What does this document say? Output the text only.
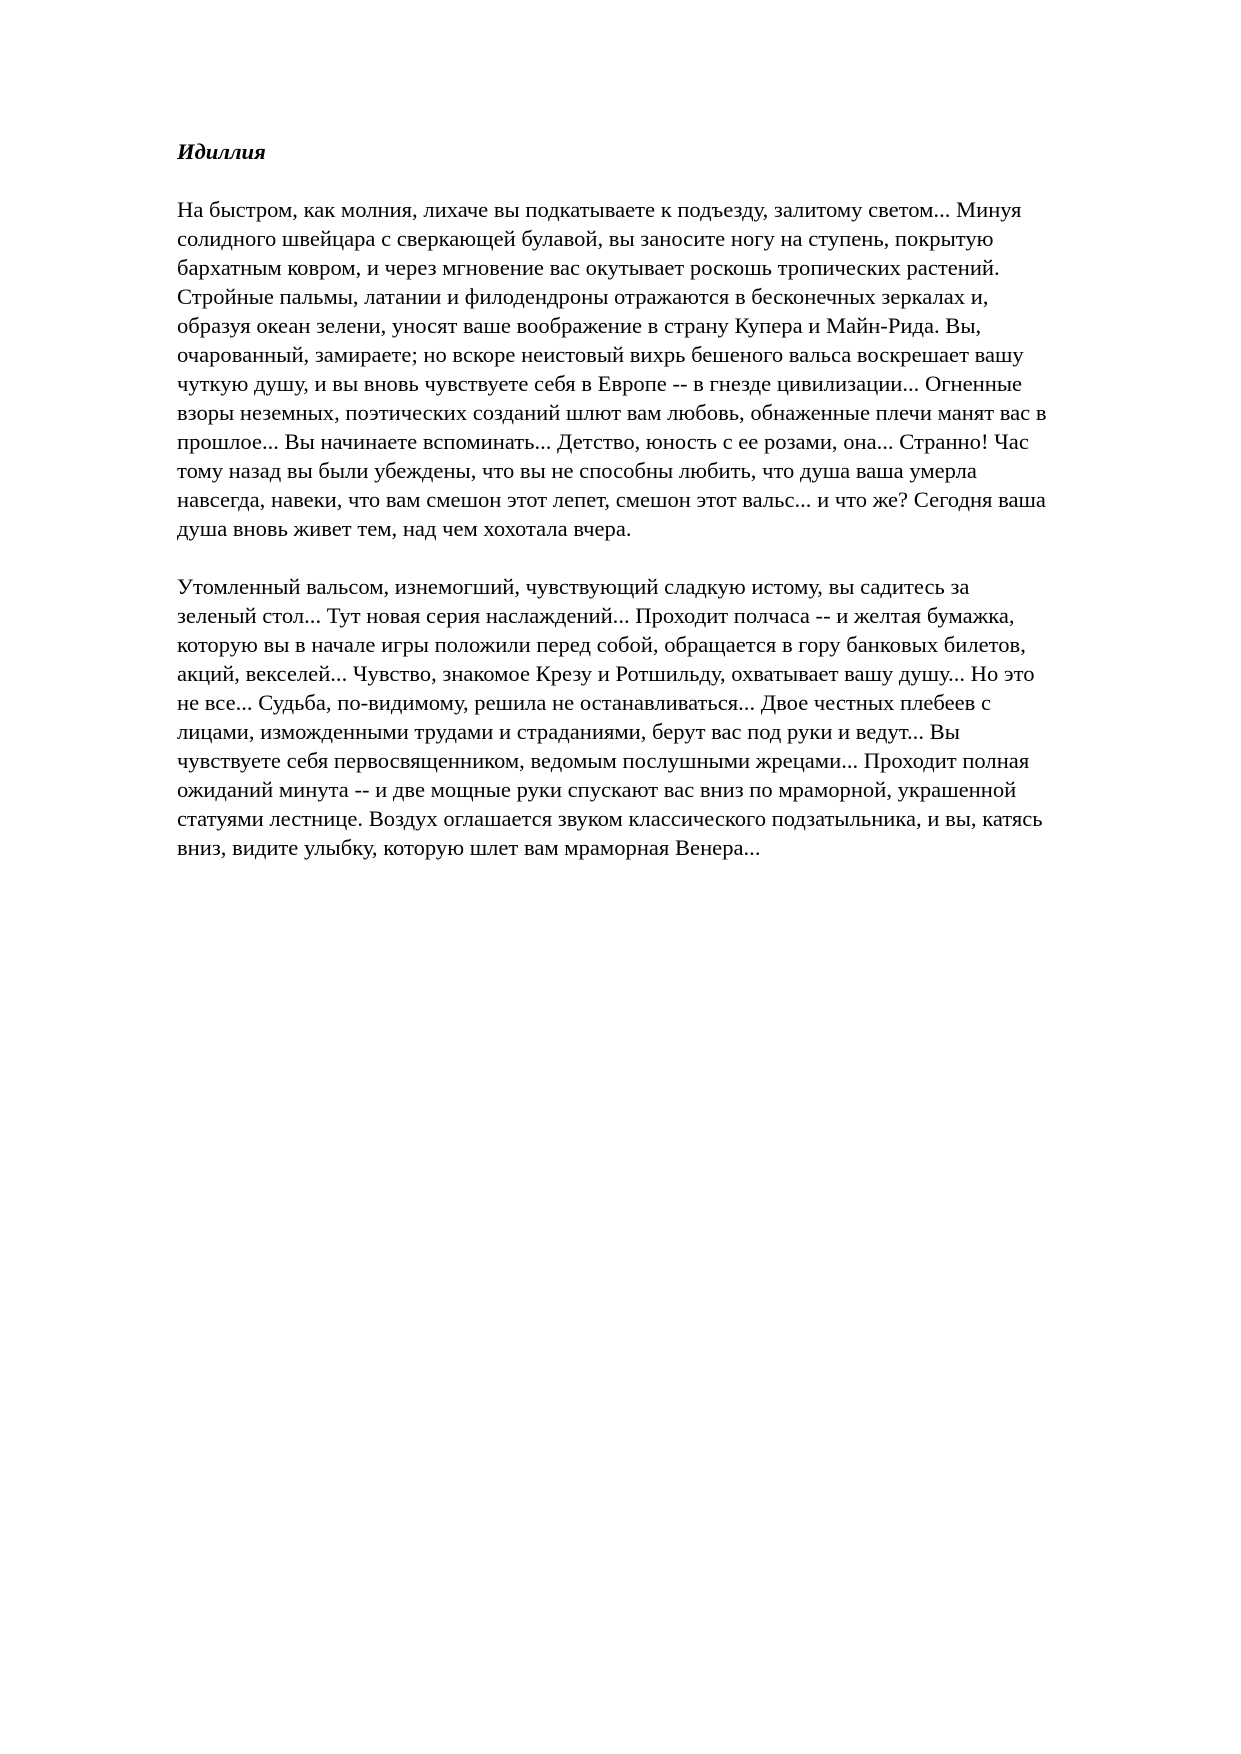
Идиллия

На быстром, как молния, лихаче вы подкатываете к подъезду, залитому светом... Минуя
солидного швейцара с сверкающей булавой, вы заносите ногу на ступень, покрытую
бархатным ковром, и через мгновение вас окутывает роскошь тропических растений.
Стройные пальмы, латании и филодендроны отражаются в бесконечных зеркалах и,
образуя океан зелени, уносят ваше воображение в страну Купера и Майн-Рида. Вы,
очарованный, замираете; но вскоре неистовый вихрь бешеного вальса воскрешает вашу
чуткую душу, и вы вновь чувствуете себя в Европе -- в гнезде цивилизации... Огненные
взоры неземных, поэтических созданий шлют вам любовь, обнаженные плечи манят вас в
прошлое... Вы начинаете вспоминать... Детство, юность с ее розами, она... Странно! Час
тому назад вы были убеждены, что вы не способны любить, что душа ваша умерла
навсегда, навеки, что вам смешон этот лепет, смешон этот вальс... и что же? Сегодня ваша
душа вновь живет тем, над чем хохотала вчера.

Утомленный вальсом, изнемогший, чувствующий сладкую истому, вы садитесь за
зеленый стол... Тут новая серия наслаждений... Проходит полчаса -- и желтая бумажка,
которую вы в начале игры положили перед собой, обращается в гору банковых билетов,
акций, векселей... Чувство, знакомое Крезу и Ротшильду, охватывает вашу душу... Но это
не все... Судьба, по-видимому, решила не останавливаться... Двое честных плебеев с
лицами, изможденными трудами и страданиями, берут вас под руки и ведут... Вы
чувствуете себя первосвященником, ведомым послушными жрецами... Проходит полная
ожиданий минута -- и две мощные руки спускают вас вниз по мраморной, украшенной
статуями лестнице. Воздух оглашается звуком классического подзатыльника, и вы, катясь
вниз, видите улыбку, которую шлет вам мраморная Венера...
